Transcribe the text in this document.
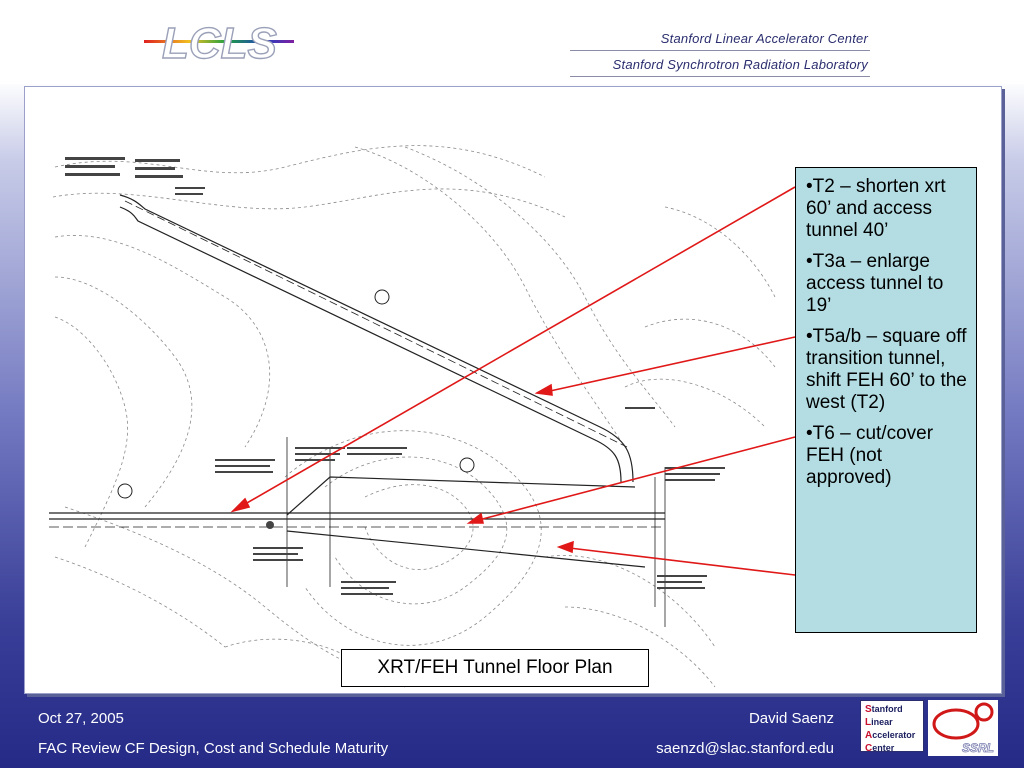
LCLS	Stanford Linear Accelerator Center
Stanford Synchrotron Radiation Laboratory
•T2 – shorten xrt 60’ and access tunnel 40’
•T3a – enlarge access tunnel to 19’
•T5a/b – square off transition tunnel, shift FEH 60’ to the west (T2)
•T6 – cut/cover FEH (not approved)
XRT/FEH Tunnel Floor Plan
Oct 27, 2005
FAC Review CF Design, Cost and Schedule Maturity
David Saenz
saenzd@slac.stanford.edu
Stanford
Linear
Accelerator
Center	SSRL
